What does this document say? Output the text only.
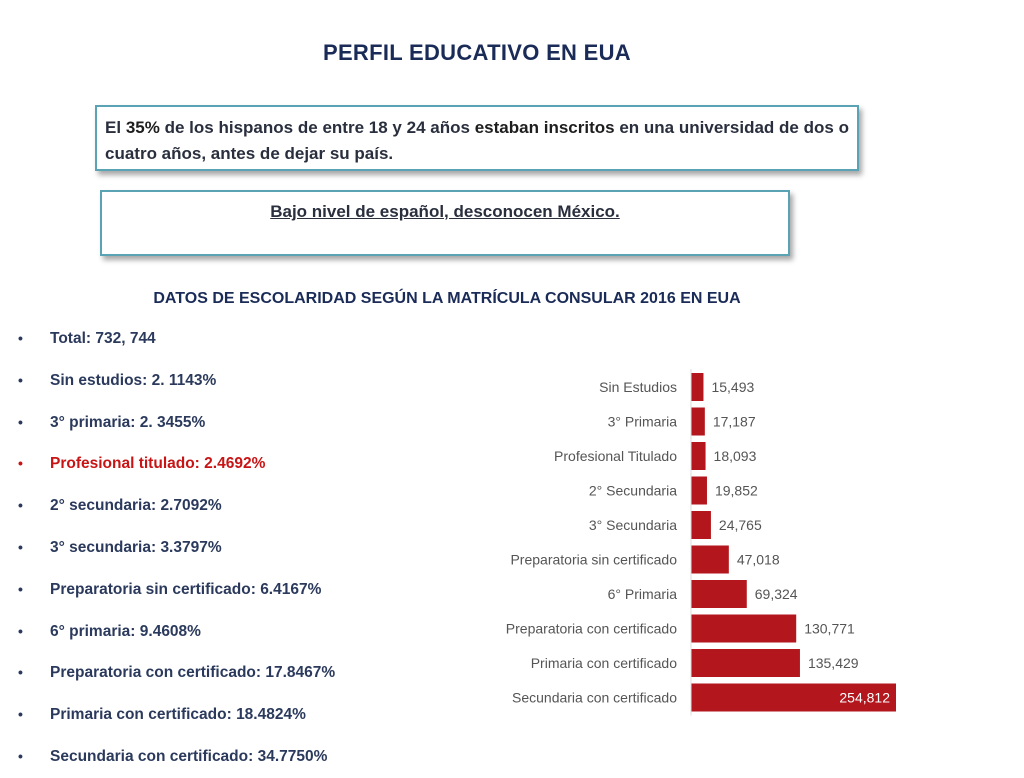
PERFIL EDUCATIVO EN EUA
El 35% de los hispanos de entre 18 y 24 años estaban inscritos en una universidad de dos o cuatro años, antes de dejar su país.
Bajo nivel de español, desconocen México.
DATOS DE ESCOLARIDAD SEGÚN LA MATRÍCULA CONSULAR 2016 EN EUA
• Total: 732, 744
• Sin estudios: 2. 1143%
• 3° primaria: 2. 3455%
• Profesional titulado: 2.4692%
• 2° secundaria: 2.7092%
• 3° secundaria: 3.3797%
• Preparatoria sin certificado: 6.4167%
• 6° primaria: 9.4608%
• Preparatoria con certificado: 17.8467%
• Primaria con certificado: 18.4824%
• Secundaria con certificado: 34.7750%
Sin Estudios 15,493
3° Primaria	17,187
Profesional Titulado	18,093
2° Secundaria	19,852
3° Secundaria	24,765
Preparatoria sin certificado	47,018
6° Primaria	69,324
Preparatoria con certificado	130,771
Primaria con certificado	135,429
Secundaria con certificado	254,812
